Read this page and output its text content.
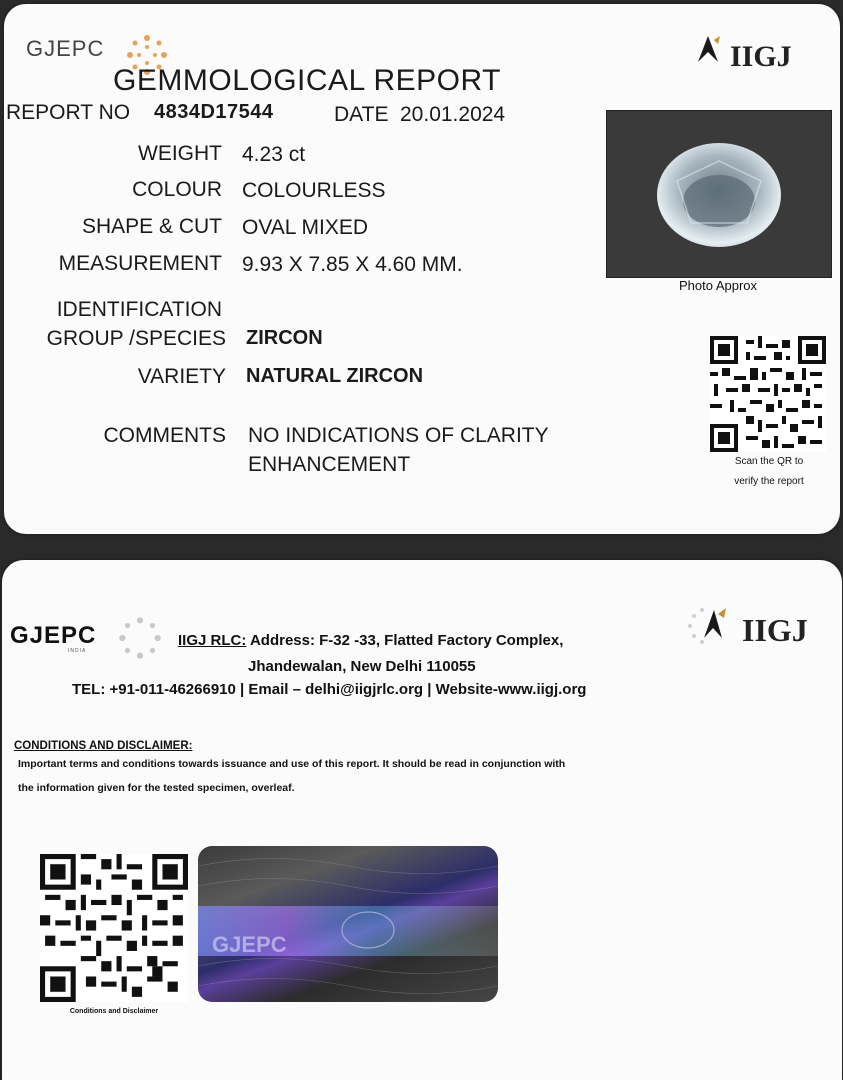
GJEPC	IIGJ
GEMMOLOGICAL REPORT
REPORT NO 4834D17544	DATE 20.01.2024
WEIGHT 4.23 ct
COLOUR COLOURLESS
SHAPE & CUT OVAL MIXED
MEASUREMENT 9.93 X 7.85 X 4.60 MM.
IDENTIFICATION
GROUP /SPECIES ZIRCON
VARIETY NATURAL ZIRCON
COMMENTS NO INDICATIONS OF CLARITY
ENHANCEMENT
Photo Approx
Scan the QR to
verify the report
GJEPC
INDIA
IIGJ
IIGJ RLC: Address: F-32 -33, Flatted Factory Complex,
Jhandewalan, New Delhi 110055
TEL: +91-011-46266910 | Email – delhi@iigjrlc.org | Website-www.iigj.org
CONDITIONS AND DISCLAIMER:
Important terms and conditions towards issuance and use of this report. It should be read in conjunction with
the information given for the tested specimen, overleaf.
Conditions and Disclaimer
GJEPC
